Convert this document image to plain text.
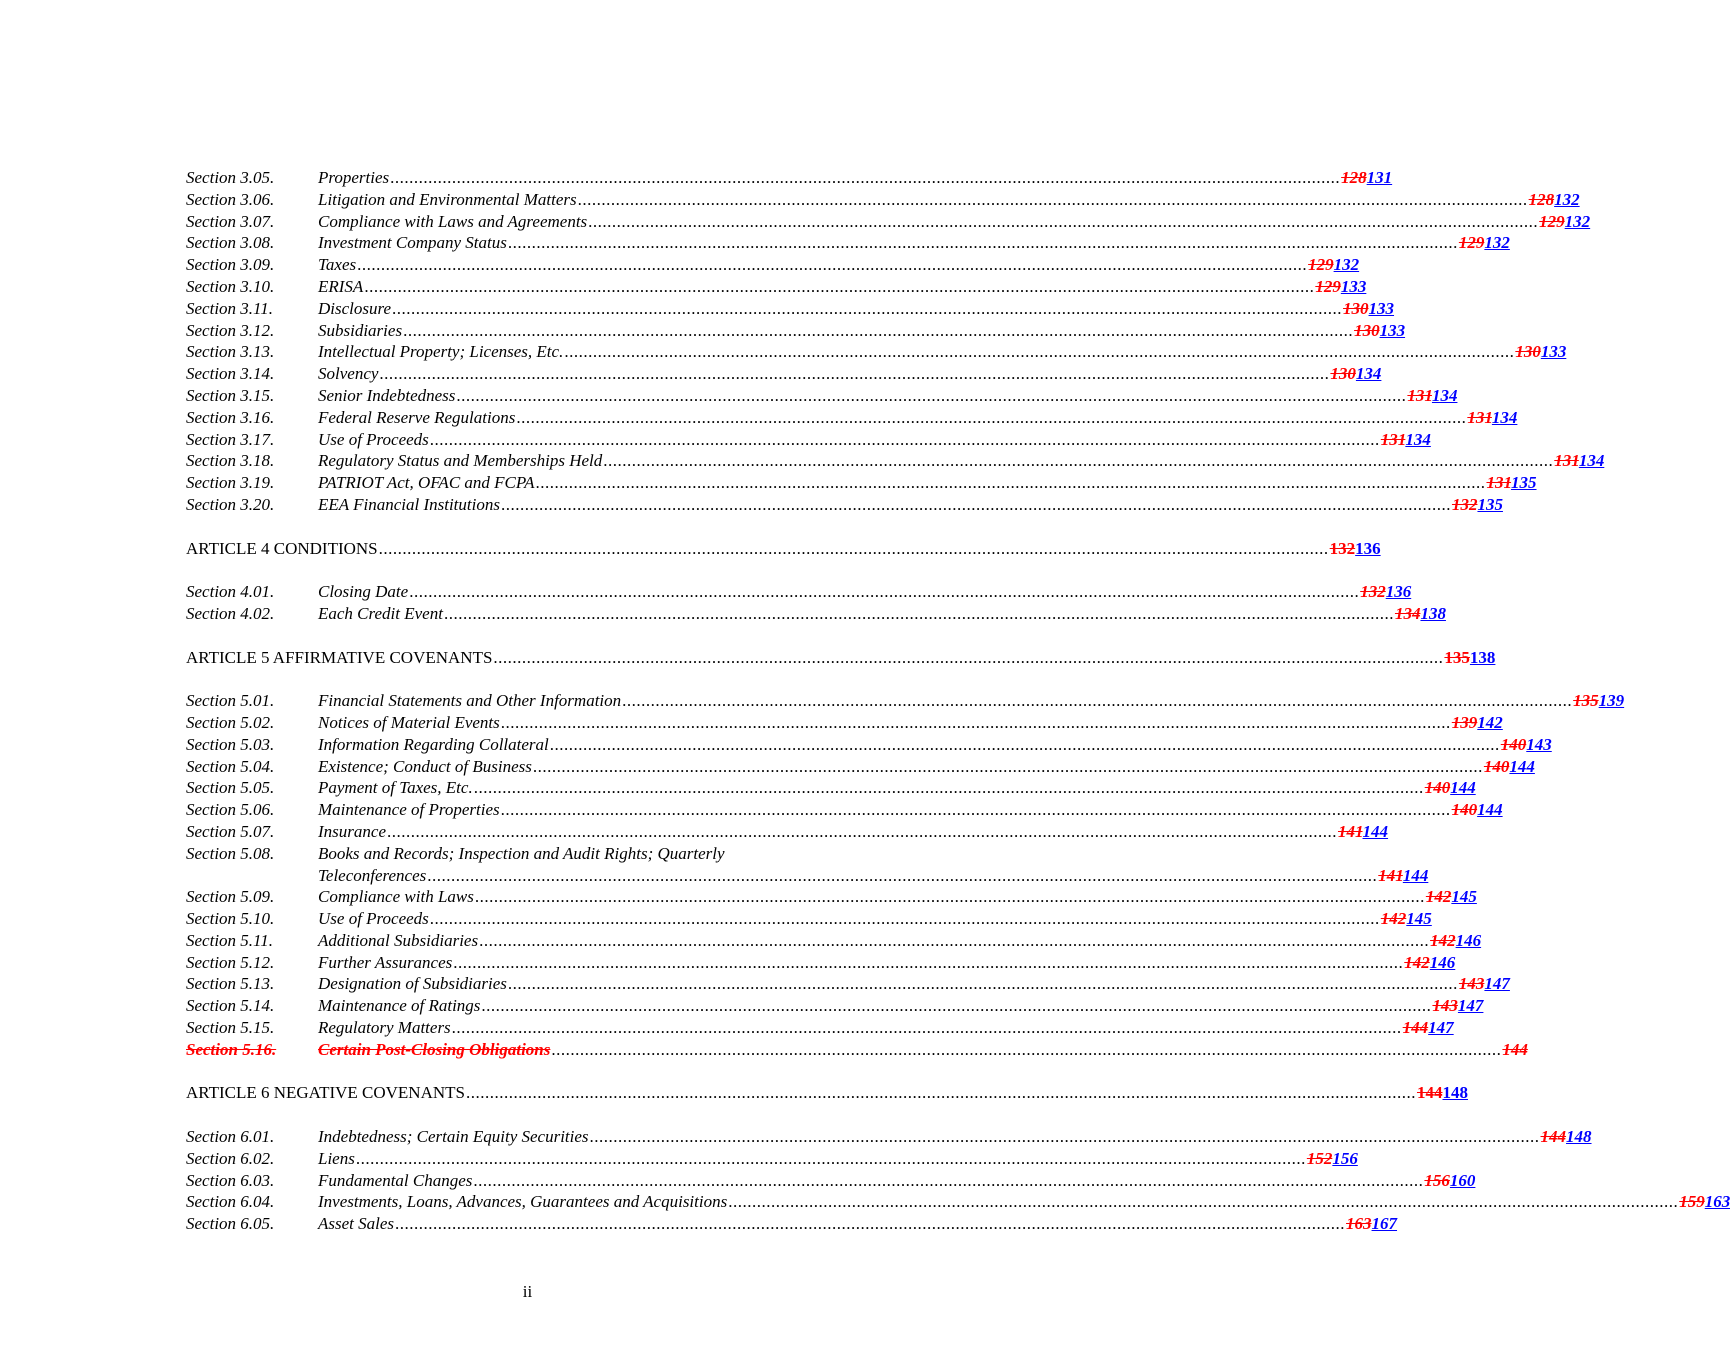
Section 3.05.	Properties .....	128131
Section 3.06.	Litigation and Environmental Matters .....	128132
Section 3.07.	Compliance with Laws and Agreements .....	129132
Section 3.08.	Investment Company Status .....	129132
Section 3.09.	Taxes .....	129132
Section 3.10.	ERISA .....	129133
Section 3.11.	Disclosure .....	130133
Section 3.12.	Subsidiaries .....	130133
Section 3.13.	Intellectual Property; Licenses, Etc. .....	130133
Section 3.14.	Solvency .....	130134
Section 3.15.	Senior Indebtedness .....	131134
Section 3.16.	Federal Reserve Regulations .....	131134
Section 3.17.	Use of Proceeds .....	131134
Section 3.18.	Regulatory Status and Memberships Held .....	131134
Section 3.19.	PATRIOT Act, OFAC and FCPA .....	131135
Section 3.20.	EEA Financial Institutions .....	132135
ARTICLE 4 CONDITIONS .....	132136
Section 4.01.	Closing Date .....	132136
Section 4.02.	Each Credit Event .....	134138
ARTICLE 5 AFFIRMATIVE COVENANTS .....	135138
Section 5.01.	Financial Statements and Other Information .....	135139
Section 5.02.	Notices of Material Events .....	139142
Section 5.03.	Information Regarding Collateral .....	140143
Section 5.04.	Existence; Conduct of Business .....	140144
Section 5.05.	Payment of Taxes, Etc. .....	140144
Section 5.06.	Maintenance of Properties .....	140144
Section 5.07.	Insurance .....	141144
Section 5.08.	Books and Records; Inspection and Audit Rights; Quarterly
Teleconferences .....	141144
Section 5.09.	Compliance with Laws .....	142145
Section 5.10.	Use of Proceeds .....	142145
Section 5.11.	Additional Subsidiaries .....	142146
Section 5.12.	Further Assurances .....	142146
Section 5.13.	Designation of Subsidiaries .....	143147
Section 5.14.	Maintenance of Ratings .....	143147
Section 5.15.	Regulatory Matters .....	144147
Section 5.16.	Certain Post-Closing Obligations .....	144
ARTICLE 6 NEGATIVE COVENANTS .....	144148
Section 6.01.	Indebtedness; Certain Equity Securities .....	144148
Section 6.02.	Liens .....	152156
Section 6.03.	Fundamental Changes .....	156160
Section 6.04.	Investments, Loans, Advances, Guarantees and Acquisitions .....	159163
Section 6.05.	Asset Sales .....	163167
ii
